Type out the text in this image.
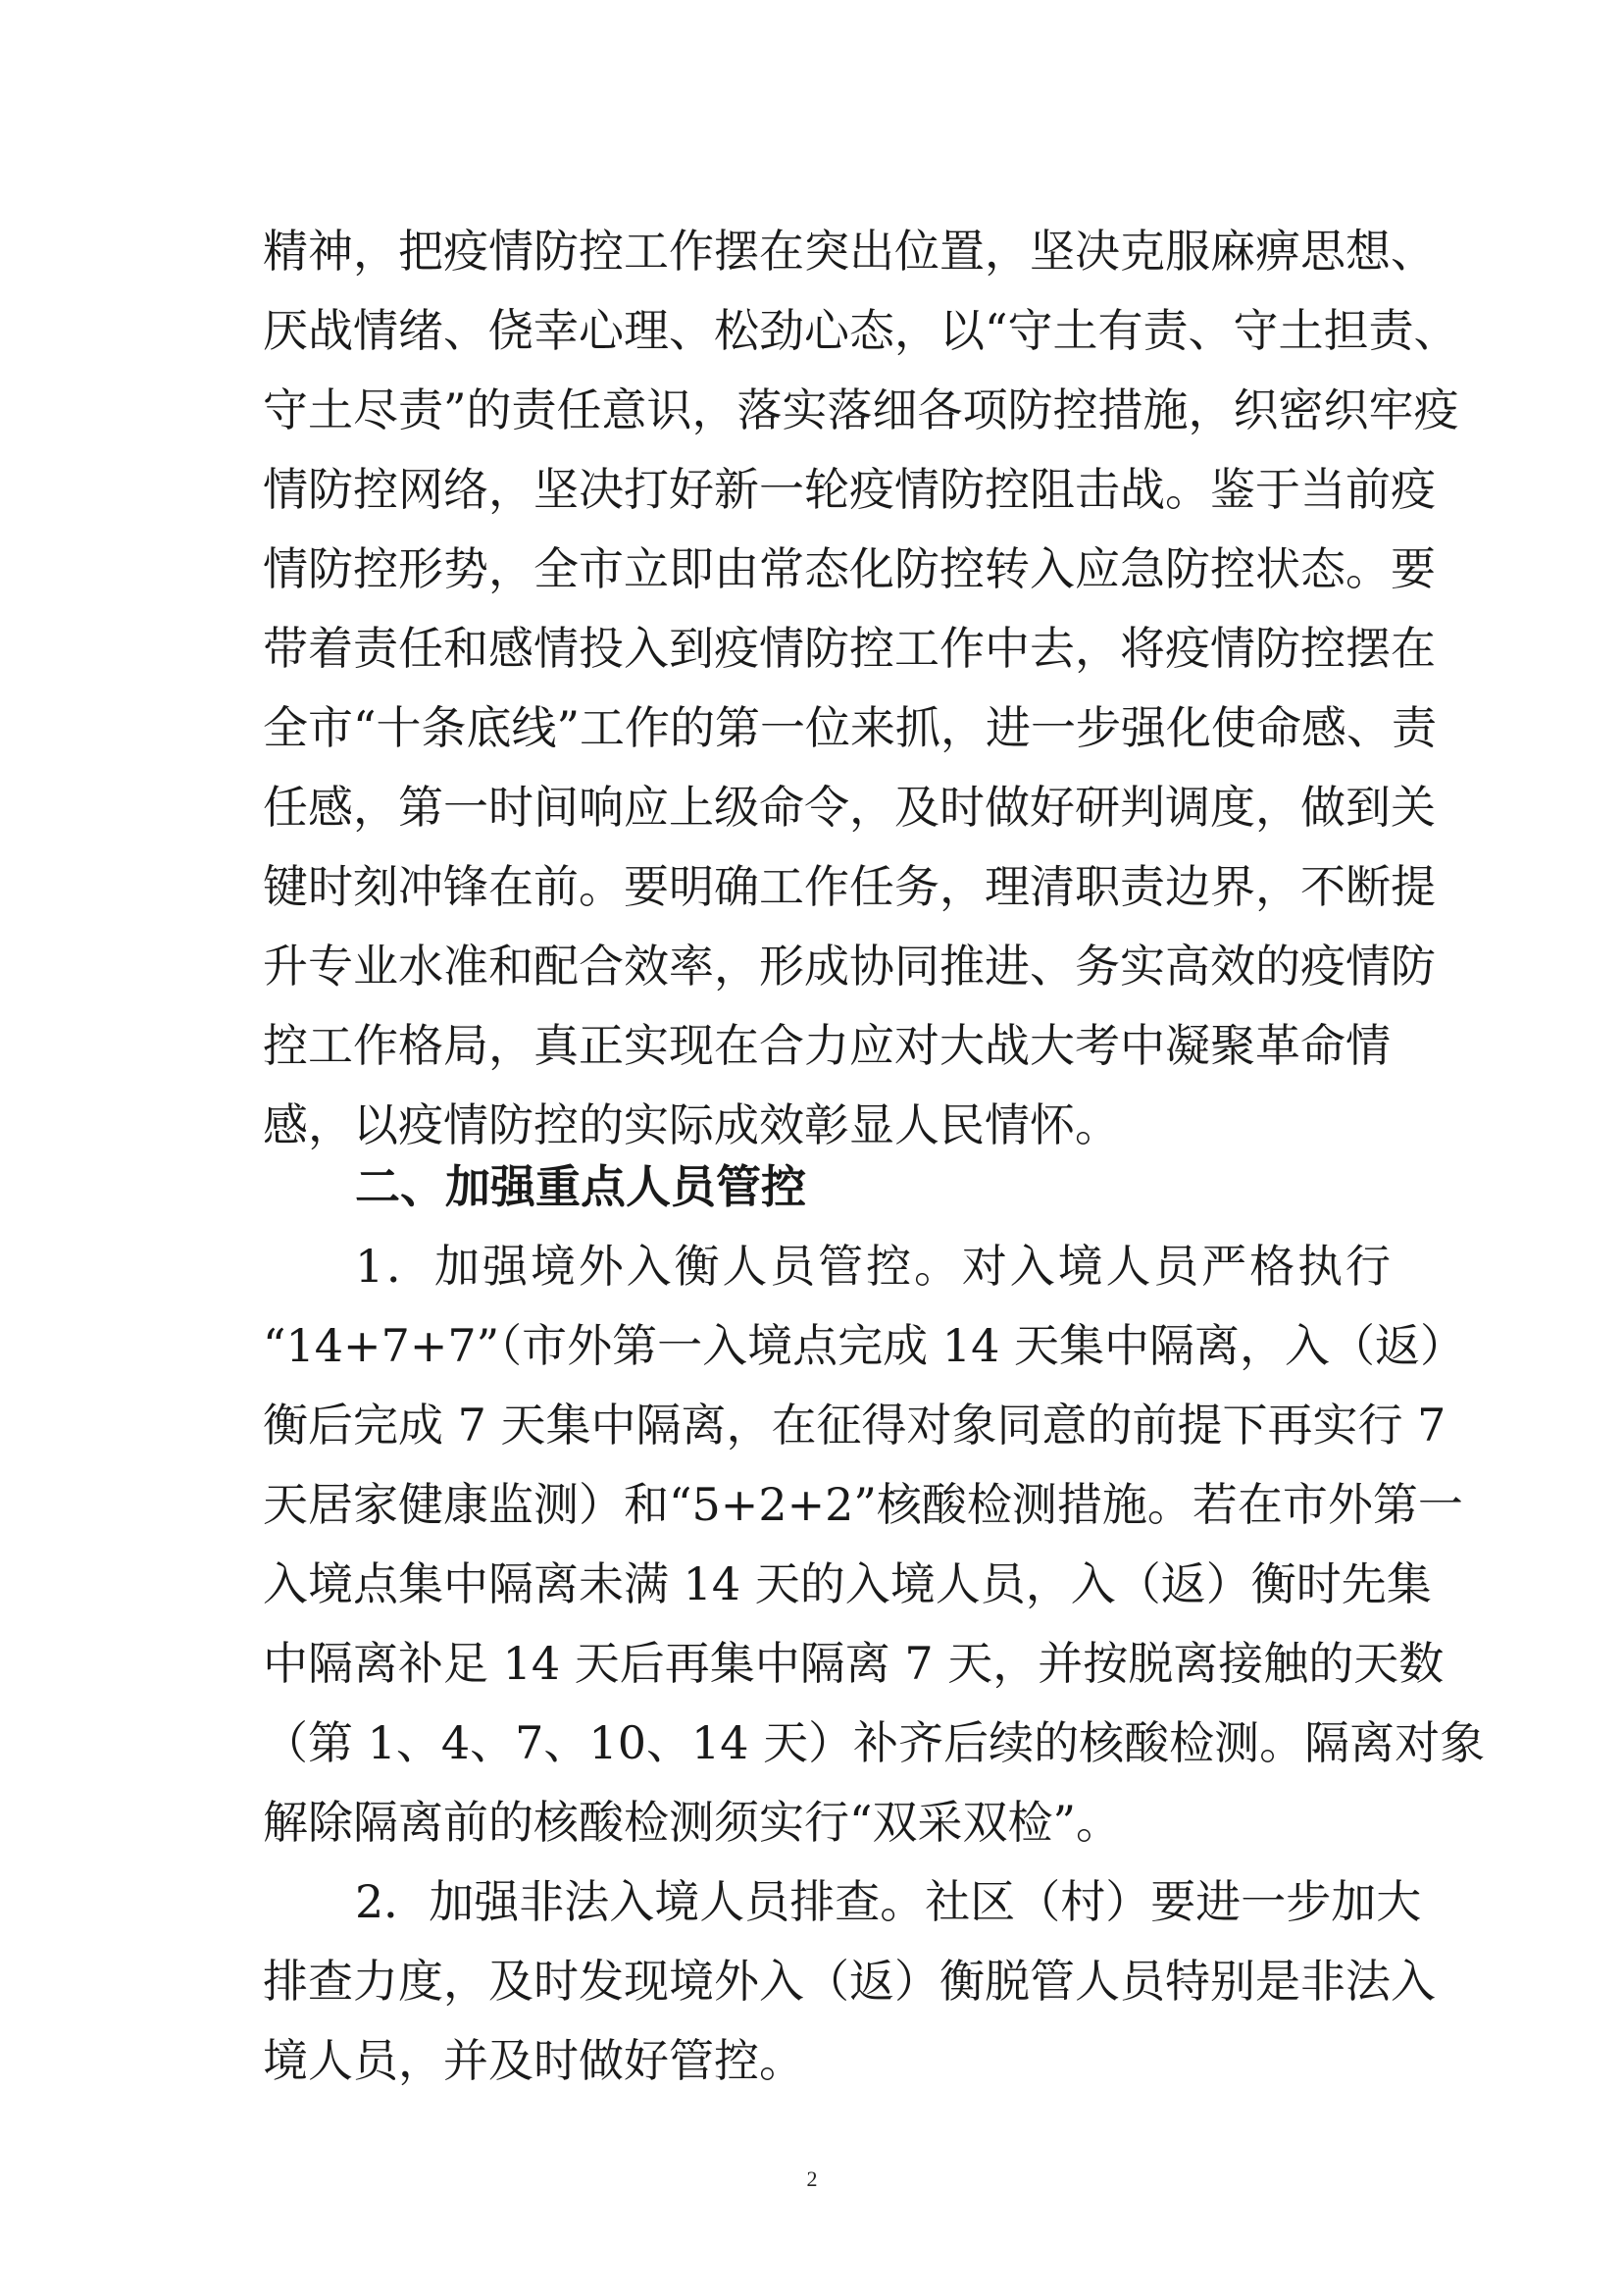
精神，把疫情防控工作摆在突出位置，坚决克服麻痹思想、
厌战情绪、侥幸心理、松劲心态，以“守土有责、守土担责、
守土尽责”的责任意识，落实落细各项防控措施，织密织牢疫
情防控网络，坚决打好新一轮疫情防控阻击战。鉴于当前疫
情防控形势，全市立即由常态化防控转入应急防控状态。要
带着责任和感情投入到疫情防控工作中去，将疫情防控摆在
全市“十条底线”工作的第一位来抓，进一步强化使命感、责
任感，第一时间响应上级命令，及时做好研判调度，做到关
键时刻冲锋在前。要明确工作任务，理清职责边界，不断提
升专业水准和配合效率，形成协同推进、务实高效的疫情防
控工作格局，真正实现在合力应对大战大考中凝聚革命情
感，以疫情防控的实际成效彰显人民情怀。
二、加强重点人员管控
1．加强境外入衡人员管控。对入境人员严格执行
“14+7+7”（市外第一入境点完成 14 天集中隔离，入（返）
衡后完成 7 天集中隔离，在征得对象同意的前提下再实行 7
天居家健康监测）和“5+2+2”核酸检测措施。若在市外第一
入境点集中隔离未满 14 天的入境人员，入（返）衡时先集
中隔离补足 14 天后再集中隔离 7 天，并按脱离接触的天数
（第 1、4、7、10、14 天）补齐后续的核酸检测。隔离对象
解除隔离前的核酸检测须实行“双采双检”。
2．加强非法入境人员排查。社区（村）要进一步加大
排查力度，及时发现境外入（返）衡脱管人员特别是非法入
境人员，并及时做好管控。
2
